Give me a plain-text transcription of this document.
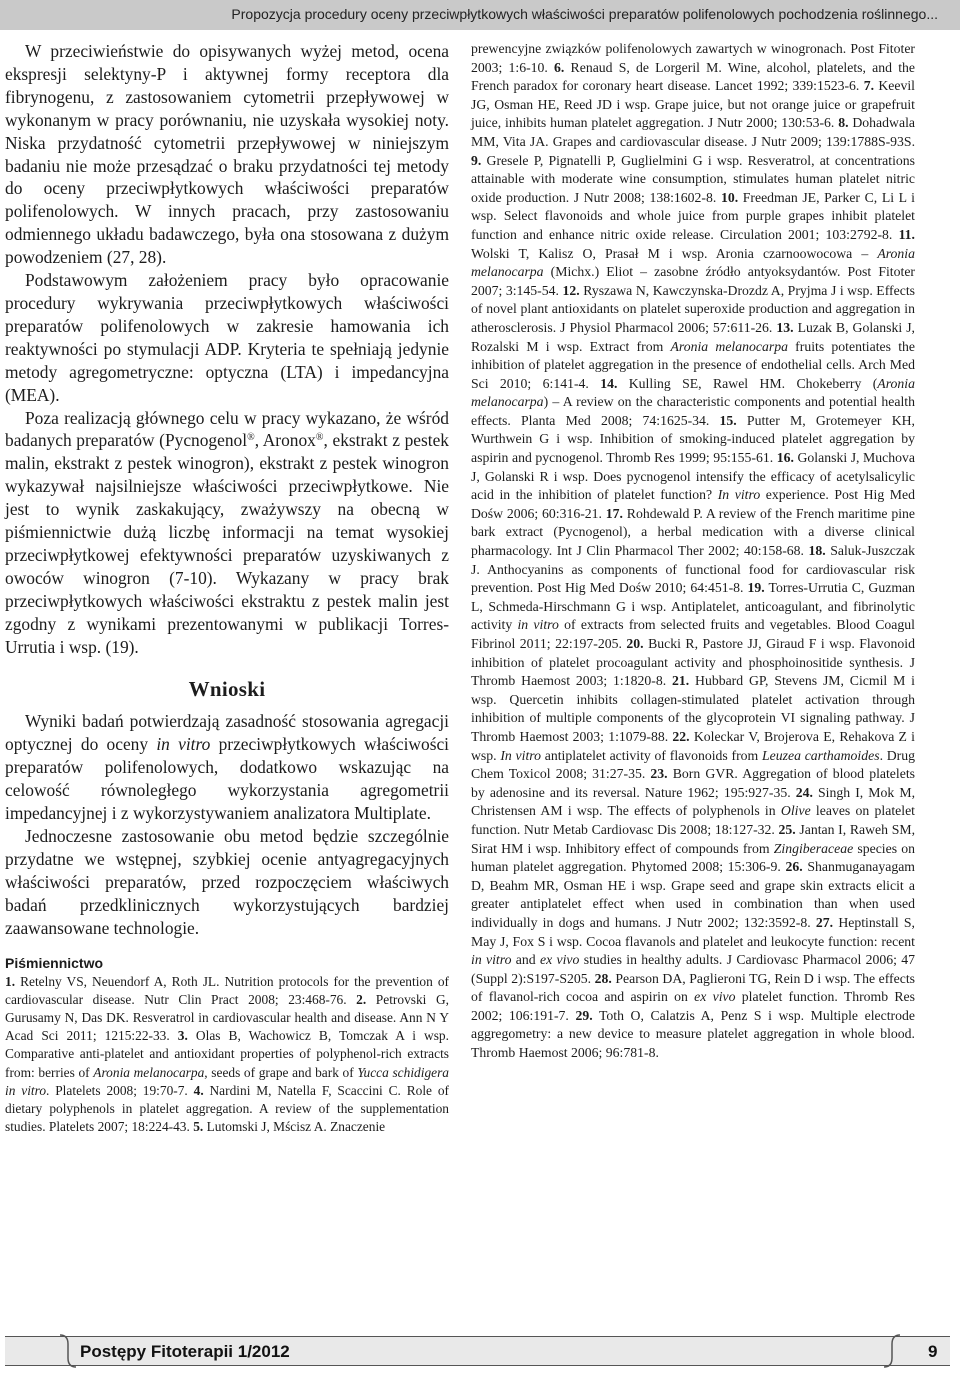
Propozycja procedury oceny przeciwpłytkowych właściwości preparatów polifenolowych pochodzenia roślinnego...

W przeciwieństwie do opisywanych wyżej metod, ocena ekspresji selektyny-P i aktywnej formy receptora dla fibrynogenu, z zastosowaniem cytometrii przepływowej w wykonanym w pracy porównaniu, nie uzyskała wysokiej noty. Niska przydatność cytometrii przepływowej w niniejszym badaniu nie może przesądzać o braku przydatności tej metody do oceny przeciwpłytkowych właściwości preparatów polifenolowych. W innych pracach, przy zastosowaniu odmiennego układu badawczego, była ona stosowana z dużym powodzeniem (27, 28).

Podstawowym założeniem pracy było opracowanie procedury wykrywania przeciwpłytkowych właściwości preparatów polifenolowych w zakresie hamowania ich reaktywności po stymulacji ADP. Kryteria te spełniają jedynie metody agregometryczne: optyczna (LTA) i impedancyjna (MEA).

Poza realizacją głównego celu w pracy wykazano, że wśród badanych preparatów (Pycnogenol®, Aronox®, ekstrakt z pestek malin, ekstrakt z pestek winogron), ekstrakt z pestek winogron wykazywał najsilniejsze właściwości przeciwpłytkowe. Nie jest to wynik zaskakujący, zważywszy na obecną w piśmiennictwie dużą liczbę informacji na temat wysokiej przeciwpłytkowej efektywności preparatów uzyskiwanych z owoców winogron (7-10). Wykazany w pracy brak przeciwpłytkowych właściwości ekstraktu z pestek malin jest zgodny z wynikami prezentowanymi w publikacji Torres-Urrutia i wsp. (19).

Wnioski

Wyniki badań potwierdzają zasadność stosowania agregacji optycznej do oceny in vitro przeciwpłytkowych właściwości preparatów polifenolowych, dodatkowo wskazując na celowość równoległego wykorzystania agregometrii impedancyjnej i z wykorzystywaniem analizatora Multiplate.

Jednoczesne zastosowanie obu metod będzie szczególnie przydatne we wstępnej, szybkiej ocenie antyagregacyjnych właściwości preparatów, przed rozpoczęciem właściwych badań przedklinicznych wykorzystujących bardziej zaawansowane technologie.

Piśmiennictwo

1. Retelny VS, Neuendorf A, Roth JL. Nutrition protocols for the prevention of cardiovascular disease. Nutr Clin Pract 2008; 23:468-76. 2. Petrovski G, Gurusamy N, Das DK. Resveratrol in cardiovascular health and disease. Ann N Y Acad Sci 2011; 1215:22-33. 3. Olas B, Wachowicz B, Tomczak A i wsp. Comparative anti-platelet and antioxidant properties of polyphenol-rich extracts from: berries of Aronia melanocarpa, seeds of grape and bark of Yucca schidigera in vitro. Platelets 2008; 19:70-7. 4. Nardini M, Natella F, Scaccini C. Role of dietary polyphenols in platelet aggregation. A review of the supplementation studies. Platelets 2007; 18:224-43. 5. Lutomski J, Mścisz A. Znaczenie

prewencyjne związków polifenolowych zawartych w winogronach. Post Fitoter 2003; 1:6-10. 6. Renaud S, de Lorgeril M. Wine, alcohol, platelets, and the French paradox for coronary heart disease. Lancet 1992; 339:1523-6. 7. Keevil JG, Osman HE, Reed JD i wsp. Grape juice, but not orange juice or grapefruit juice, inhibits human platelet aggregation. J Nutr 2000; 130:53-6. 8. Dohadwala MM, Vita JA. Grapes and cardiovascular disease. J Nutr 2009; 139:1788S-93S. 9. Gresele P, Pignatelli P, Guglielmini G i wsp. Resveratrol, at concentrations attainable with moderate wine consumption, stimulates human platelet nitric oxide production. J Nutr 2008; 138:1602-8. 10. Freedman JE, Parker C, Li L i wsp. Select flavonoids and whole juice from purple grapes inhibit platelet function and enhance nitric oxide release. Circulation 2001; 103:2792-8. 11. Wolski T, Kalisz O, Prasał M i wsp. Aronia czarnoowocowa – Aronia melanocarpa (Michx.) Eliot – zasobne źródło antyoksydantów. Post Fitoter 2007; 3:145-54. 12. Ryszawa N, Kawczynska-Drozdz A, Pryjma J i wsp. Effects of novel plant antioxidants on platelet superoxide production and aggregation in atherosclerosis. J Physiol Pharmacol 2006; 57:611-26. 13. Luzak B, Golanski J, Rozalski M i wsp. Extract from Aronia melanocarpa fruits potentiates the inhibition of platelet aggregation in the presence of endothelial cells. Arch Med Sci 2010; 6:141-4. 14. Kulling SE, Rawel HM. Chokeberry (Aronia melanocarpa) – A review on the characteristic components and potential health effects. Planta Med 2008; 74:1625-34. 15. Putter M, Grotemeyer KH, Wurthwein G i wsp. Inhibition of smoking-induced platelet aggregation by aspirin and pycnogenol. Thromb Res 1999; 95:155-61. 16. Golanski J, Muchova J, Golanski R i wsp. Does pycnogenol intensify the efficacy of acetylsalicylic acid in the inhibition of platelet function? In vitro experience. Post Hig Med Dośw 2006; 60:316-21. 17. Rohdewald P. A review of the French maritime pine bark extract (Pycnogenol), a herbal medication with a diverse clinical pharmacology. Int J Clin Pharmacol Ther 2002; 40:158-68. 18. Saluk-Juszczak J. Anthocyanins as components of functional food for cardiovascular risk prevention. Post Hig Med Dośw 2010; 64:451-8. 19. Torres-Urrutia C, Guzman L, Schmeda-Hirschmann G i wsp. Antiplatelet, anticoagulant, and fibrinolytic activity in vitro of extracts from selected fruits and vegetables. Blood Coagul Fibrinol 2011; 22:197-205. 20. Bucki R, Pastore JJ, Giraud F i wsp. Flavonoid inhibition of platelet procoagulant activity and phosphoinositide synthesis. J Thromb Haemost 2003; 1:1820-8. 21. Hubbard GP, Stevens JM, Cicmil M i wsp. Quercetin inhibits collagen-stimulated platelet activation through inhibition of multiple components of the glycoprotein VI signaling pathway. J Thromb Haemost 2003; 1:1079-88. 22. Koleckar V, Brojerova E, Rehakova Z i wsp. In vitro antiplatelet activity of flavonoids from Leuzea carthamoides. Drug Chem Toxicol 2008; 31:27-35. 23. Born GVR. Aggregation of blood platelets by adenosine and its reversal. Nature 1962; 195:927-35. 24. Singh I, Mok M, Christensen AM i wsp. The effects of polyphenols in Olive leaves on platelet function. Nutr Metab Cardiovasc Dis 2008; 18:127-32. 25. Jantan I, Raweh SM, Sirat HM i wsp. Inhibitory effect of compounds from Zingiberaceae species on human platelet aggregation. Phytomed 2008; 15:306-9. 26. Shanmuganayagam D, Beahm MR, Osman HE i wsp. Grape seed and grape skin extracts elicit a greater antiplatelet effect when used in combination than when used individually in dogs and humans. J Nutr 2002; 132:3592-8. 27. Heptinstall S, May J, Fox S i wsp. Cocoa flavanols and platelet and leukocyte function: recent in vitro and ex vivo studies in healthy adults. J Cardiovasc Pharmacol 2006; 47 (Suppl 2):S197-S205. 28. Pearson DA, Paglieroni TG, Rein D i wsp. The effects of flavanol-rich cocoa and aspirin on ex vivo platelet function. Thromb Res 2002; 106:191-7. 29. Toth O, Calatzis A, Penz S i wsp. Multiple electrode aggregometry: a new device to measure platelet aggregation in whole blood. Thromb Haemost 2006; 96:781-8.

Postępy Fitoterapii 1/2012	9
